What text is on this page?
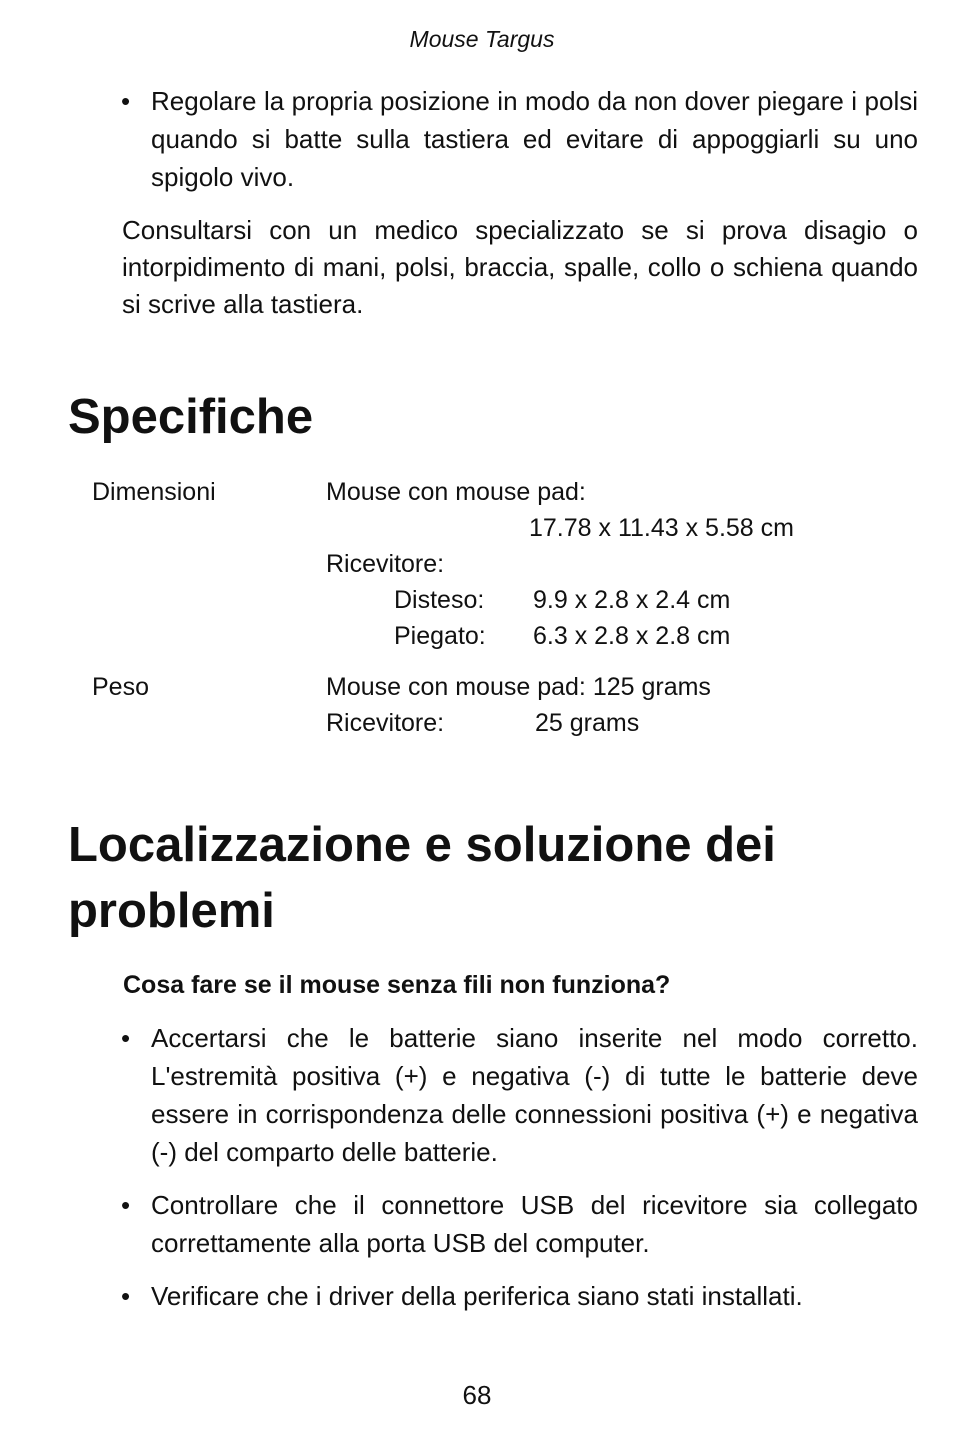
Mouse Targus
• Regolare la propria posizione in modo da non dover piegare i polsi quando si batte sulla tastiera ed evitare di appoggiarli su uno spigolo vivo.
Consultarsi con un medico specializzato se si prova disagio o intorpidimento di mani, polsi, braccia, spalle, collo o schiena quando si scrive alla tastiera.
Specifiche
Dimensioni	Mouse con mouse pad:
17.78 x 11.43 x 5.58 cm
Ricevitore:
Disteso: 9.9 x 2.8 x 2.4 cm
Piegato: 6.3 x 2.8 x 2.8 cm
Peso	Mouse con mouse pad: 125 grams
Ricevitore:	25 grams
Localizzazione e soluzione dei
problemi
Cosa fare se il mouse senza fili non funziona?
• Accertarsi che le batterie siano inserite nel modo corretto. L'estremità positiva (+) e negativa (-) di tutte le batterie deve essere in corrispondenza delle connessioni positiva (+) e negativa (-) del comparto delle batterie.
• Controllare che il connettore USB del ricevitore sia collegato correttamente alla porta USB del computer.
• Verificare che i driver della periferica siano stati installati.
68
